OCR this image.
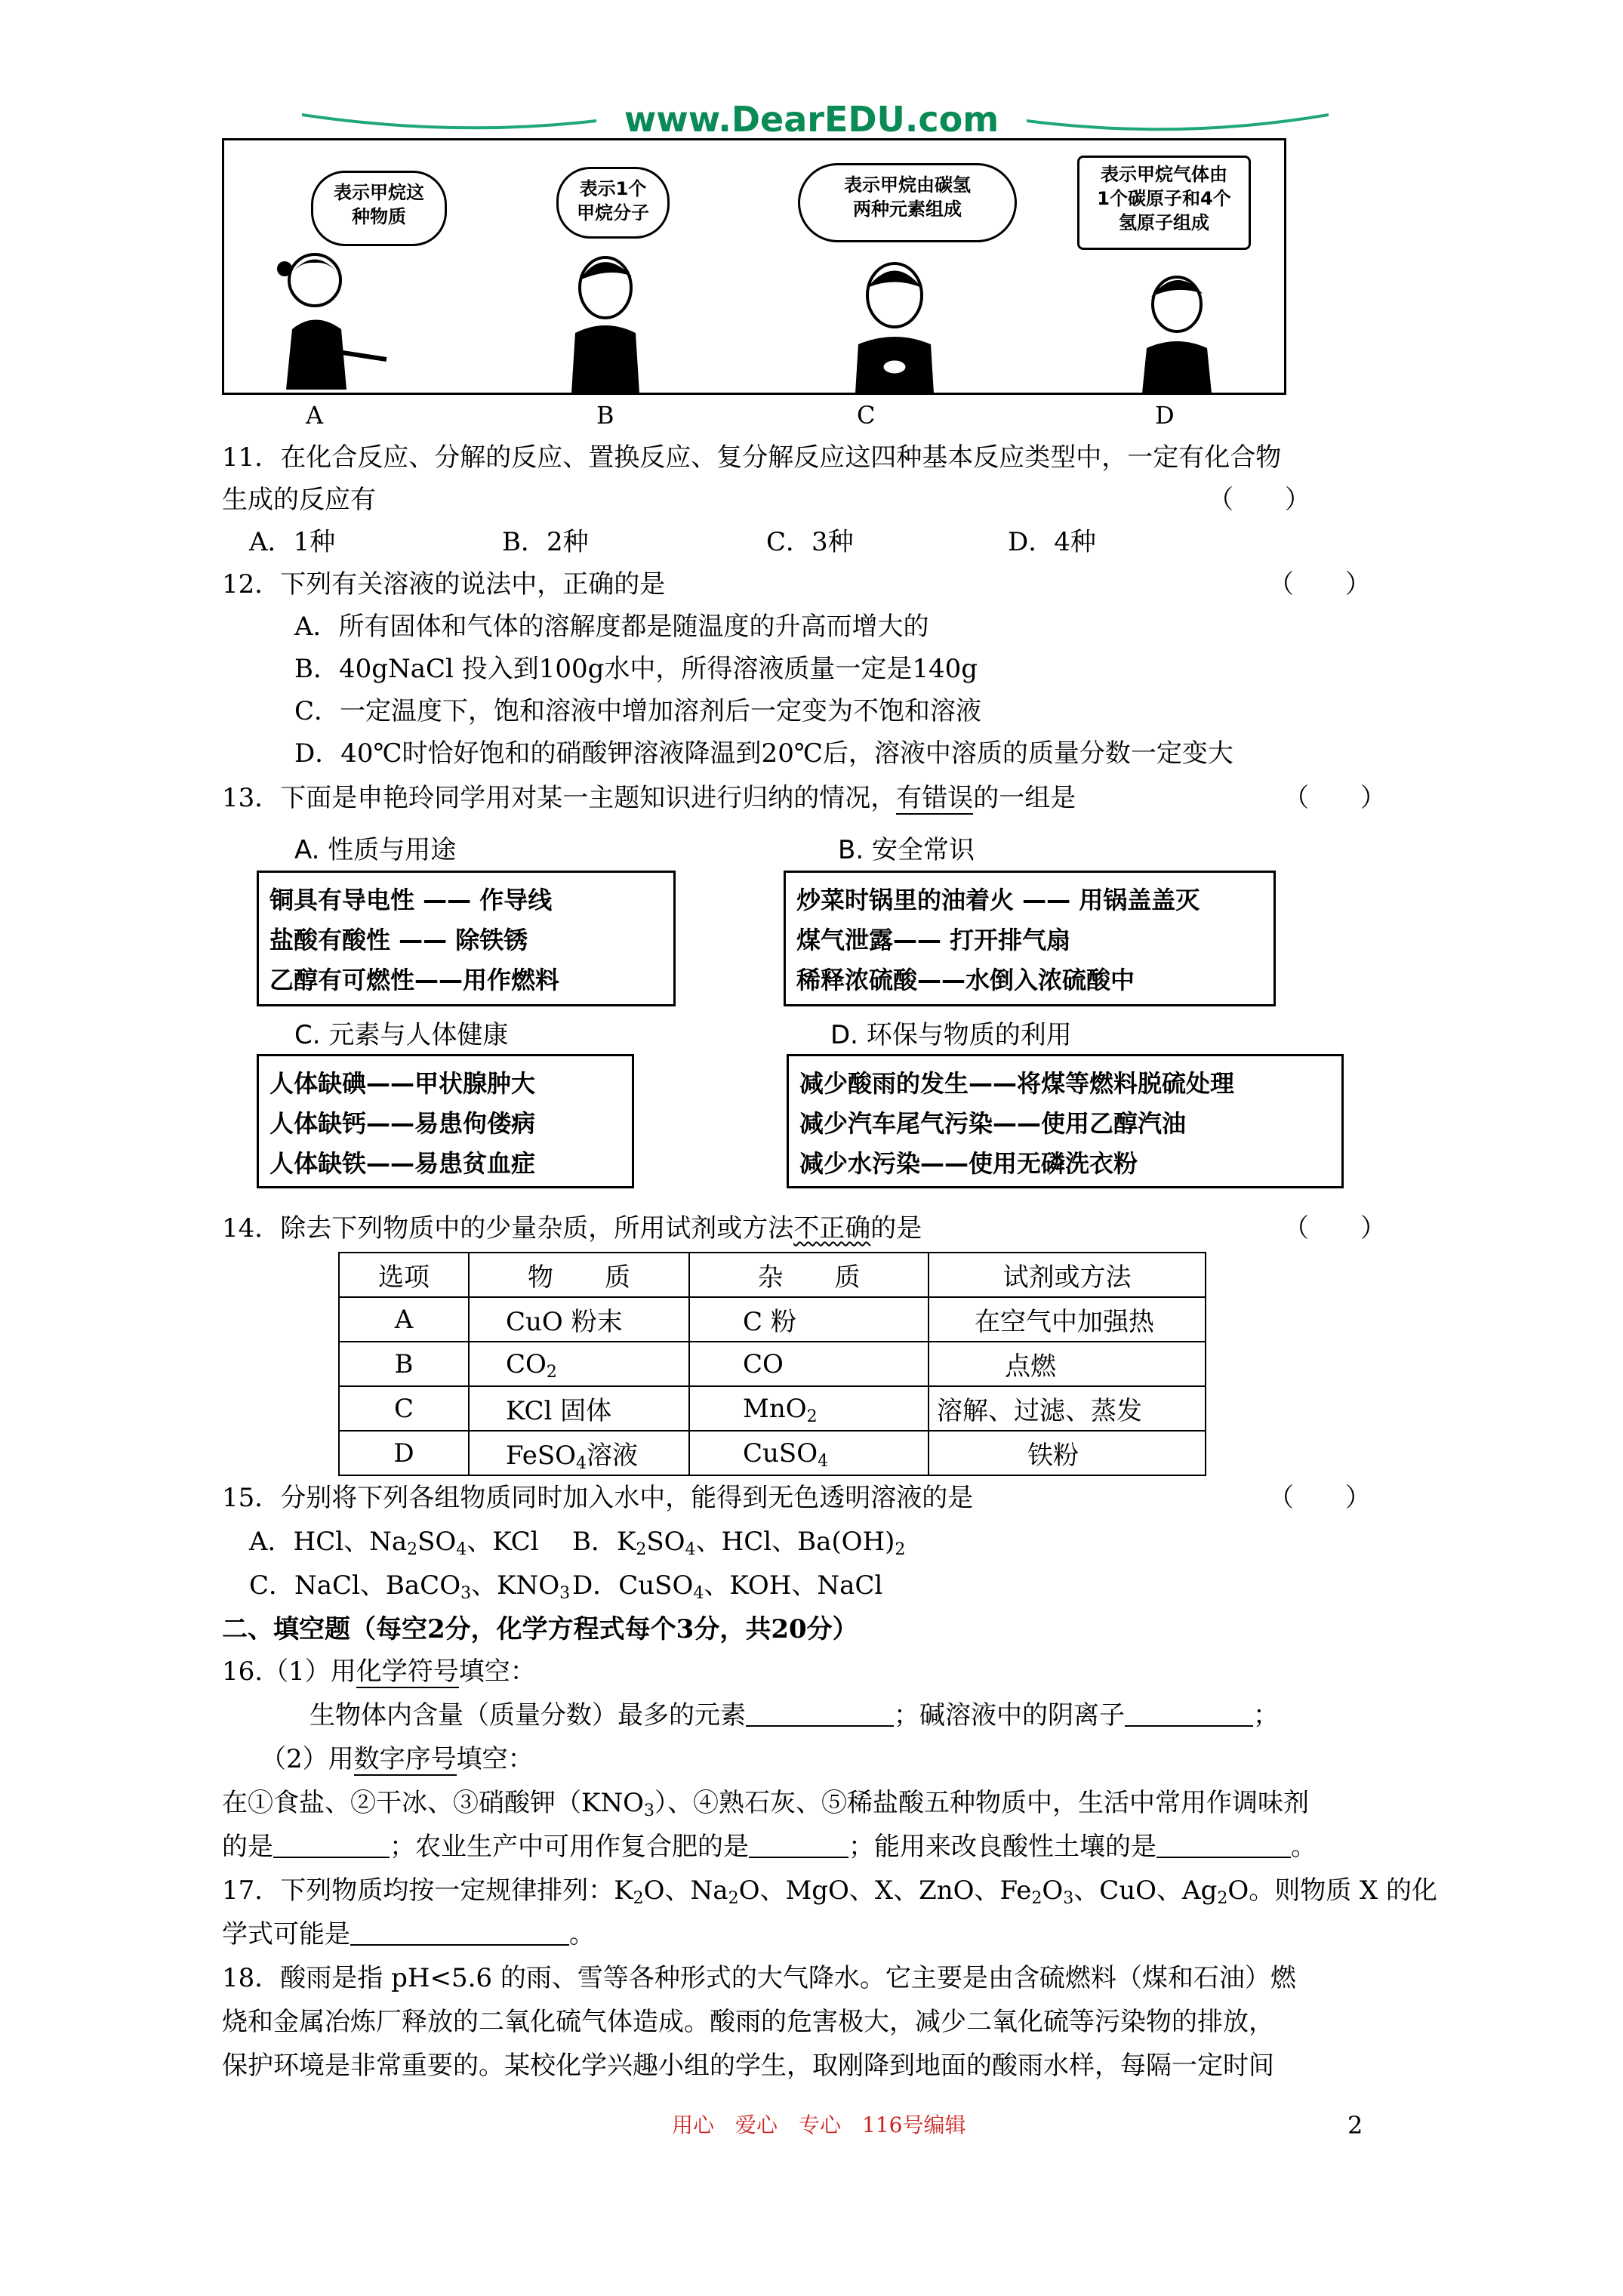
www.DearEDU.com
表示甲烷这
种物质
表示1个
甲烷分子
表示甲烷由碳氢
两种元素组成
表示甲烷气体由
1个碳原子和4个
氢原子组成
A	B	C	D
11．在化合反应、分解的反应、置换反应、复分解反应这四种基本反应类型中，一定有化合物
生成的反应有	（　　）
A．1种	B．2种	C．3种	D．4种
12．下列有关溶液的说法中，正确的是	（　　）
A．所有固体和气体的溶解度都是随温度的升高而增大的
B．40gNaCl 投入到100g水中，所得溶液质量一定是140g
C．一定温度下，饱和溶液中增加溶剂后一定变为不饱和溶液
D．40℃时恰好饱和的硝酸钾溶液降温到20℃后，溶液中溶质的质量分数一定变大
13．下面是申艳玲同学用对某一主题知识进行归纳的情况，有错误的一组是	（　　）
A. 性质与用途
铜具有导电性 —— 作导线
盐酸有酸性 —— 除铁锈
乙醇有可燃性——用作燃料
B. 安全常识
炒菜时锅里的油着火 —— 用锅盖盖灭
煤气泄露—— 打开排气扇
稀释浓硫酸——水倒入浓硫酸中
C. 元素与人体健康
人体缺碘——甲状腺肿大
人体缺钙——易患佝偻病
人体缺铁——易患贫血症
D. 环保与物质的利用
减少酸雨的发生——将煤等燃料脱硫处理
减少汽车尾气污染——使用乙醇汽油
减少水污染——使用无磷洗衣粉
14．除去下列物质中的少量杂质，所用试剂或方法不正确的是	（　　）
选项	物　　质	杂　　质	试剂或方法
A	CuO 粉末	C 粉	在空气中加强热
B	$CO_2$	CO	点燃
C	KCl 固体	MnO$_2$	溶解、过滤、蒸发
D	FeSO$_4$溶液	CuSO$_4$	铁粉
15．分别将下列各组物质同时加入水中，能得到无色透明溶液的是	（　　）
A．HCl、$Na_2SO_4$、KCl B．$K_2SO_4$、HCl、$Ba(OH)_2$
C．NaCl、BaCO$_3$、$KNO_3$ D．CuSO$_4$、KOH、NaCl
二、填空题（每空2分，化学方程式每个3分，共20分）
16.（1）用化学符号填空：
生物体内含量（质量分数）最多的元素	；碱溶液中的阴离子	；
（2）用数字序号填空：
在①食盐、②干冰、③硝酸钾$(KNO_3)$、④熟石灰、⑤稀盐酸五种物质中，生活中常用作调味剂
的是	；农业生产中可用作复合肥的是	；能用来改良酸性土壤的是	。
17．下列物质均按一定规律排列：$K_2O$、$Na_2O$、MgO、X、ZnO、$Fe_2O_3$、CuO、$Ag_2O$。则物质 X 的化
学式可能是	。
18．酸雨是指 pH<5.6 的雨、雪等各种形式的大气降水。它主要是由含硫燃料（煤和石油）燃
烧和金属冶炼厂释放的二氧化硫气体造成。酸雨的危害极大，减少二氧化硫等污染物的排放，
保护环境是非常重要的。某校化学兴趣小组的学生，取刚降到地面的酸雨水样，每隔一定时间
用心　爱心　专心　116号编辑	2
